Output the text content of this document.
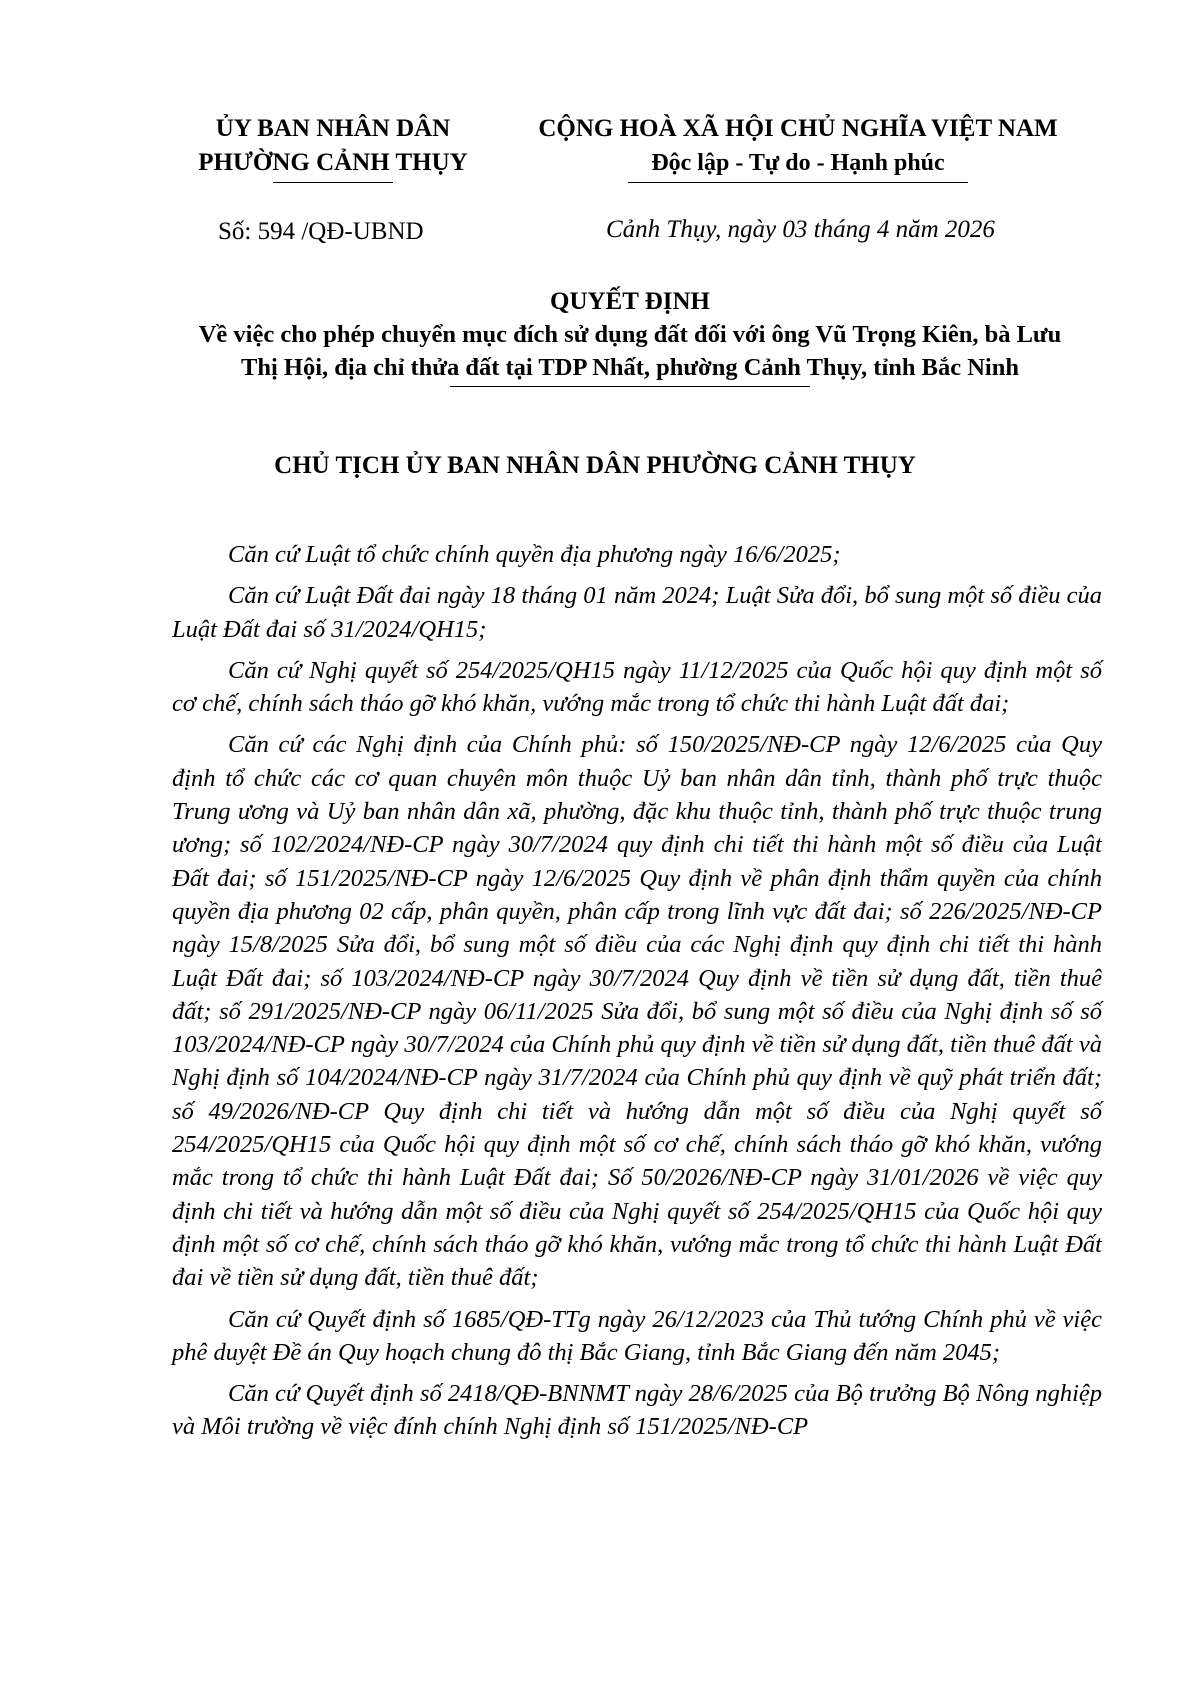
ỦY BAN NHÂN DÂN
PHƯỜNG CẢNH THỤY
CỘNG HOÀ XÃ HỘI CHỦ NGHĨA VIỆT NAM
Độc lập - Tự do - Hạnh phúc
Số: 594 /QĐ-UBND	Cảnh Thụy, ngày 03 tháng 4 năm 2026
QUYẾT ĐỊNH
Về việc cho phép chuyển mục đích sử dụng đất đối với ông Vũ Trọng Kiên, bà Lưu
Thị Hội, địa chỉ thửa đất tại TDP Nhất, phường Cảnh Thụy, tỉnh Bắc Ninh
CHỦ TỊCH ỦY BAN NHÂN DÂN PHƯỜNG CẢNH THỤY

Căn cứ Luật tổ chức chính quyền địa phương ngày 16/6/2025;

Căn cứ Luật Đất đai ngày 18 tháng 01 năm 2024; Luật Sửa đổi, bổ sung một số điều của Luật Đất đai số 31/2024/QH15;

Căn cứ Nghị quyết số 254/2025/QH15 ngày 11/12/2025 của Quốc hội quy định một số cơ chế, chính sách tháo gỡ khó khăn, vướng mắc trong tổ chức thi hành Luật đất đai;

Căn cứ các Nghị định của Chính phủ: số 150/2025/NĐ-CP ngày 12/6/2025 của Quy định tổ chức các cơ quan chuyên môn thuộc Uỷ ban nhân dân tỉnh, thành phố trực thuộc Trung ương và Uỷ ban nhân dân xã, phường, đặc khu thuộc tỉnh, thành phố trực thuộc trung ương; số 102/2024/NĐ-CP ngày 30/7/2024 quy định chi tiết thi hành một số điều của Luật Đất đai; số 151/2025/NĐ-CP ngày 12/6/2025 Quy định về phân định thẩm quyền của chính quyền địa phương 02 cấp, phân quyền, phân cấp trong lĩnh vực đất đai; số 226/2025/NĐ-CP ngày 15/8/2025 Sửa đổi, bổ sung một số điều của các Nghị định quy định chi tiết thi hành Luật Đất đai; số 103/2024/NĐ-CP ngày 30/7/2024 Quy định về tiền sử dụng đất, tiền thuê đất; số 291/2025/NĐ-CP ngày 06/11/2025 Sửa đổi, bổ sung một số điều của Nghị định số số 103/2024/NĐ-CP ngày 30/7/2024 của Chính phủ quy định về tiền sử dụng đất, tiền thuê đất và Nghị định số 104/2024/NĐ-CP ngày 31/7/2024 của Chính phủ quy định về quỹ phát triển đất; số 49/2026/NĐ-CP Quy định chi tiết và hướng dẫn một số điều của Nghị quyết số 254/2025/QH15 của Quốc hội quy định một số cơ chế, chính sách tháo gỡ khó khăn, vướng mắc trong tổ chức thi hành Luật Đất đai; Số 50/2026/NĐ-CP ngày 31/01/2026 về việc quy định chi tiết và hướng dẫn một số điều của Nghị quyết số 254/2025/QH15 của Quốc hội quy định một số cơ chế, chính sách tháo gỡ khó khăn, vướng mắc trong tổ chức thi hành Luật Đất đai về tiền sử dụng đất, tiền thuê đất;

Căn cứ Quyết định số 1685/QĐ-TTg ngày 26/12/2023 của Thủ tướng Chính phủ về việc phê duyệt Đề án Quy hoạch chung đô thị Bắc Giang, tỉnh Bắc Giang đến năm 2045;

Căn cứ Quyết định số 2418/QĐ-BNNMT ngày 28/6/2025 của Bộ trưởng Bộ Nông nghiệp và Môi trường về việc đính chính Nghị định số 151/2025/NĐ-CP
